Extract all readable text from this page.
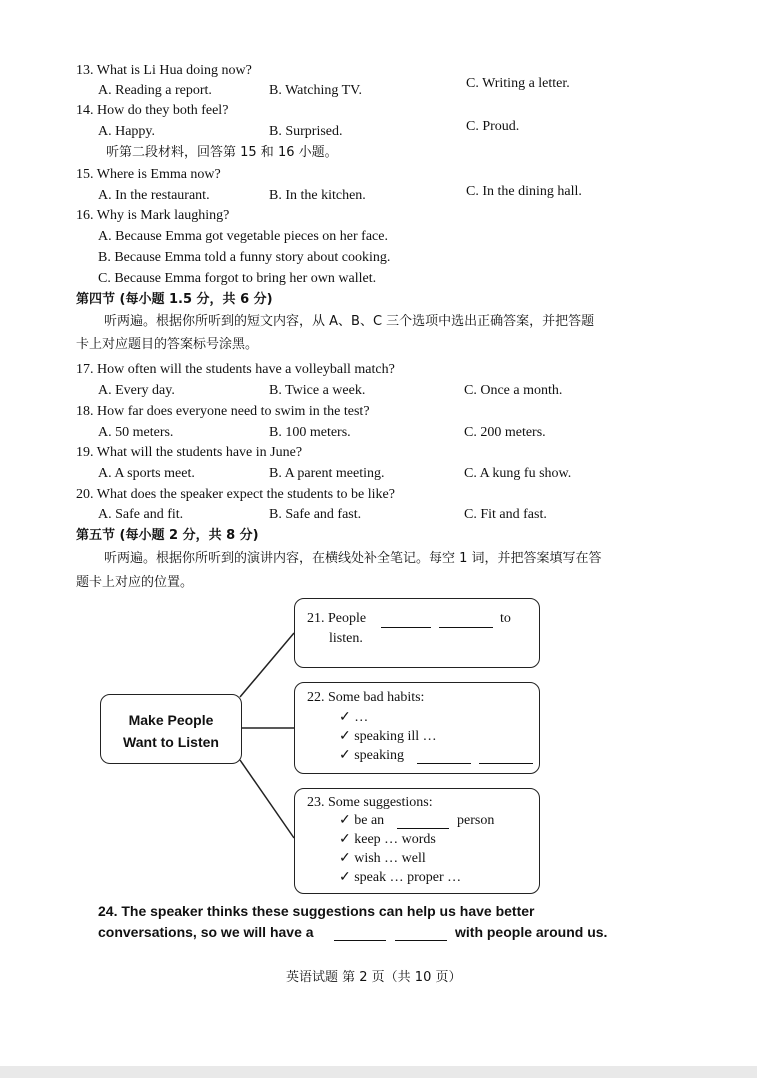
13. What is Li Hua doing now?
A. Reading a report.	B. Watching TV.	C. Writing a letter.
14. How do they both feel?
A. Happy.	B. Surprised.	C. Proud.
听第二段材料，回答第 15 和 16 小题。
15. Where is Emma now?
A. In the restaurant.	B. In the kitchen.	C. In the dining hall.
16. Why is Mark laughing?
A. Because Emma got vegetable pieces on her face.
B. Because Emma told a funny story about cooking.
C. Because Emma forgot to bring her own wallet.
第四节 (每小题 1.5 分，共 6 分)
听两遍。根据你所听到的短文内容，从 A、B、C 三个选项中选出正确答案，并把答题
卡上对应题目的答案标号涂黑。
17. How often will the students have a volleyball match?
A. Every day.	B. Twice a week.	C. Once a month.
18. How far does everyone need to swim in the test?
A. 50 meters.	B. 100 meters.	C. 200 meters.
19. What will the students have in June?
A. A sports meet.	B. A parent meeting.	C. A kung fu show.
20. What does the speaker expect the students to be like?
A. Safe and fit.	B. Safe and fast.	C. Fit and fast.
第五节 (每小题 2 分，共 8 分)
听两遍。根据你所听到的演讲内容，在横线处补全笔记。每空 1 词，并把答案填写在答
题卡上对应的位置。
Make People
Want to Listen
21. People	to
listen.
22. Some bad habits:
✓ …
✓ speaking ill …
✓ speaking
23. Some suggestions:
✓ be an	person
✓ keep … words
✓ wish … well
✓ speak … proper …
24. The speaker thinks these suggestions can help us have better
conversations, so we will have a	with people around us.
英语试题 第 2 页（共 10 页）
